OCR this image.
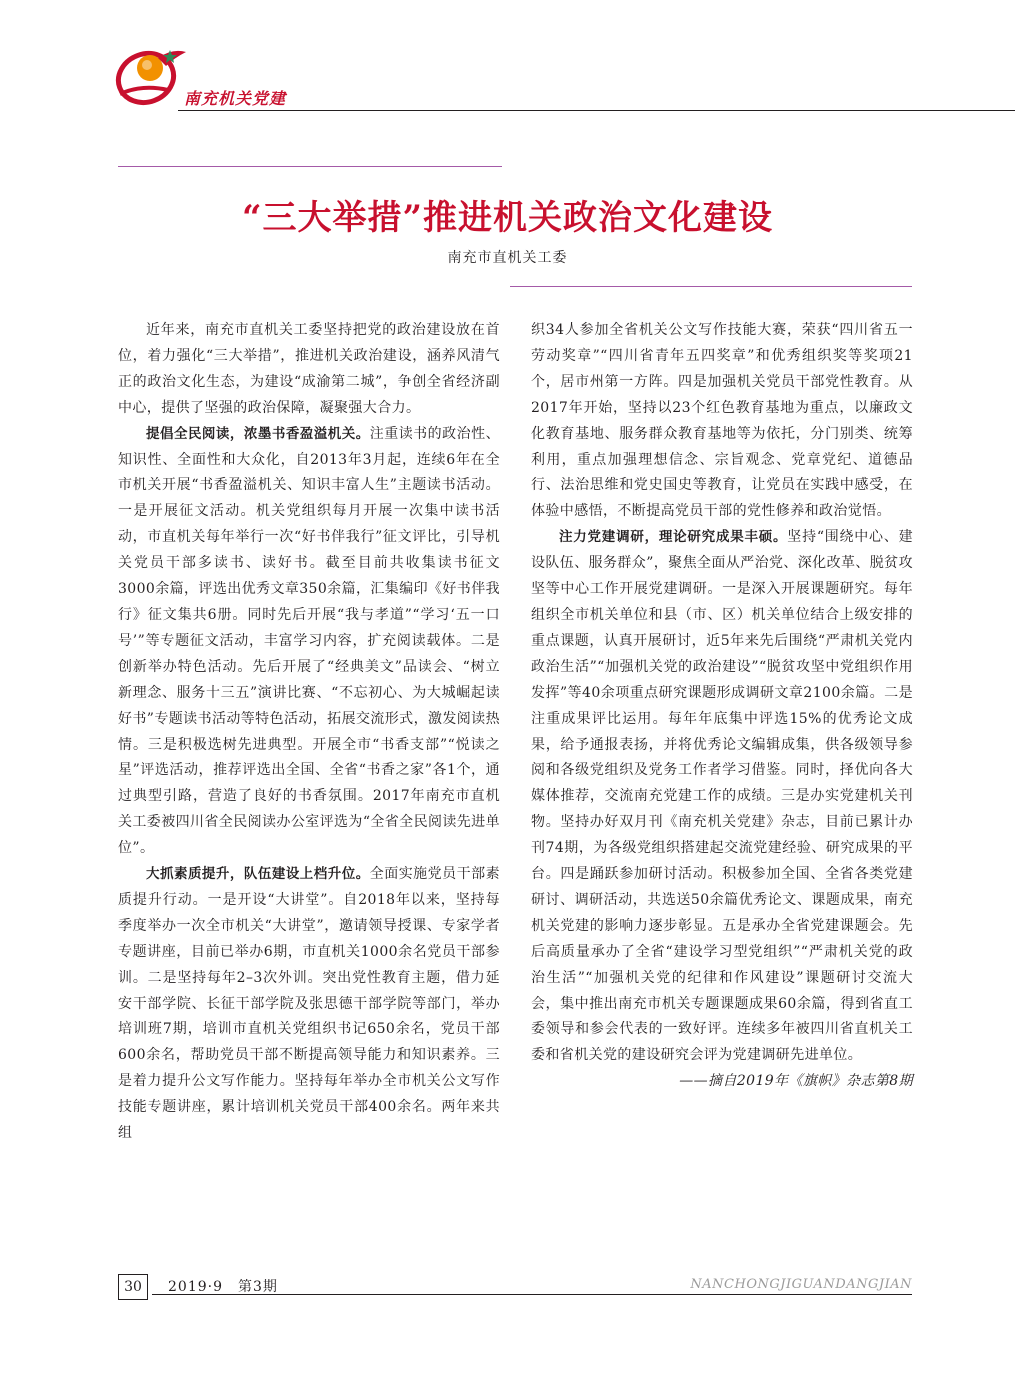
南充机关党建
“三大举措”推进机关政治文化建设
南充市直机关工委

近年来，南充市直机关工委坚持把党的政治建设放在首位，着力强化“三大举措”，推进机关政治建设，涵养风清气正的政治文化生态，为建设“成渝第二城”，争创全省经济副中心，提供了坚强的政治保障，凝聚强大合力。

提倡全民阅读，浓墨书香盈溢机关。注重读书的政治性、知识性、全面性和大众化，自2013年3月起，连续6年在全市机关开展“书香盈溢机关、知识丰富人生”主题读书活动。一是开展征文活动。机关党组织每月开展一次集中读书活动，市直机关每年举行一次“好书伴我行”征文评比，引导机关党员干部多读书、读好书。截至目前共收集读书征文3000余篇，评选出优秀文章350余篇，汇集编印《好书伴我行》征文集共6册。同时先后开展“我与孝道”“学习‘五一口号’”等专题征文活动，丰富学习内容，扩充阅读载体。二是创新举办特色活动。先后开展了“经典美文”品读会、“树立新理念、服务十三五”演讲比赛、“不忘初心、为大城崛起读好书”专题读书活动等特色活动，拓展交流形式，激发阅读热情。三是积极选树先进典型。开展全市“书香支部”“悦读之星”评选活动，推荐评选出全国、全省“书香之家”各1个，通过典型引路，营造了良好的书香氛围。2017年南充市直机关工委被四川省全民阅读办公室评选为“全省全民阅读先进单位”。

大抓素质提升，队伍建设上档升位。全面实施党员干部素质提升行动。一是开设“大讲堂”。自2018年以来，坚持每季度举办一次全市机关“大讲堂”，邀请领导授课、专家学者专题讲座，目前已举办6期，市直机关1000余名党员干部参训。二是坚持每年2–3次外训。突出党性教育主题，借力延安干部学院、长征干部学院及张思德干部学院等部门，举办培训班7期，培训市直机关党组织书记650余名，党员干部600余名，帮助党员干部不断提高领导能力和知识素养。三是着力提升公文写作能力。坚持每年举办全市机关公文写作技能专题讲座，累计培训机关党员干部400余名。两年来共组

织34人参加全省机关公文写作技能大赛，荣获“四川省五一劳动奖章”“四川省青年五四奖章”和优秀组织奖等奖项21个，居市州第一方阵。四是加强机关党员干部党性教育。从2017年开始，坚持以23个红色教育基地为重点，以廉政文化教育基地、服务群众教育基地等为依托，分门别类、统筹利用，重点加强理想信念、宗旨观念、党章党纪、道德品行、法治思维和党史国史等教育，让党员在实践中感受，在体验中感悟，不断提高党员干部的党性修养和政治觉悟。

注力党建调研，理论研究成果丰硕。坚持“围绕中心、建设队伍、服务群众”，聚焦全面从严治党、深化改革、脱贫攻坚等中心工作开展党建调研。一是深入开展课题研究。每年组织全市机关单位和县（市、区）机关单位结合上级安排的重点课题，认真开展研讨，近5年来先后围绕“严肃机关党内政治生活”“加强机关党的政治建设”“脱贫攻坚中党组织作用发挥”等40余项重点研究课题形成调研文章2100余篇。二是注重成果评比运用。每年年底集中评选15%的优秀论文成果，给予通报表扬，并将优秀论文编辑成集，供各级领导参阅和各级党组织及党务工作者学习借鉴。同时，择优向各大媒体推荐，交流南充党建工作的成绩。三是办实党建机关刊物。坚持办好双月刊《南充机关党建》杂志，目前已累计办刊74期，为各级党组织搭建起交流党建经验、研究成果的平台。四是踊跃参加研讨活动。积极参加全国、全省各类党建研讨、调研活动，共选送50余篇优秀论文、课题成果，南充机关党建的影响力逐步彰显。五是承办全省党建课题会。先后高质量承办了全省“建设学习型党组织”“严肃机关党的政治生活”“加强机关党的纪律和作风建设”课题研讨交流大会，集中推出南充市机关专题课题成果60余篇，得到省直工委领导和参会代表的一致好评。连续多年被四川省直机关工委和省机关党的建设研究会评为党建调研先进单位。

——摘自2019年《旗帜》杂志第8期

30	2019·9　第3期	NANCHONGJIGUANDANGJIAN
